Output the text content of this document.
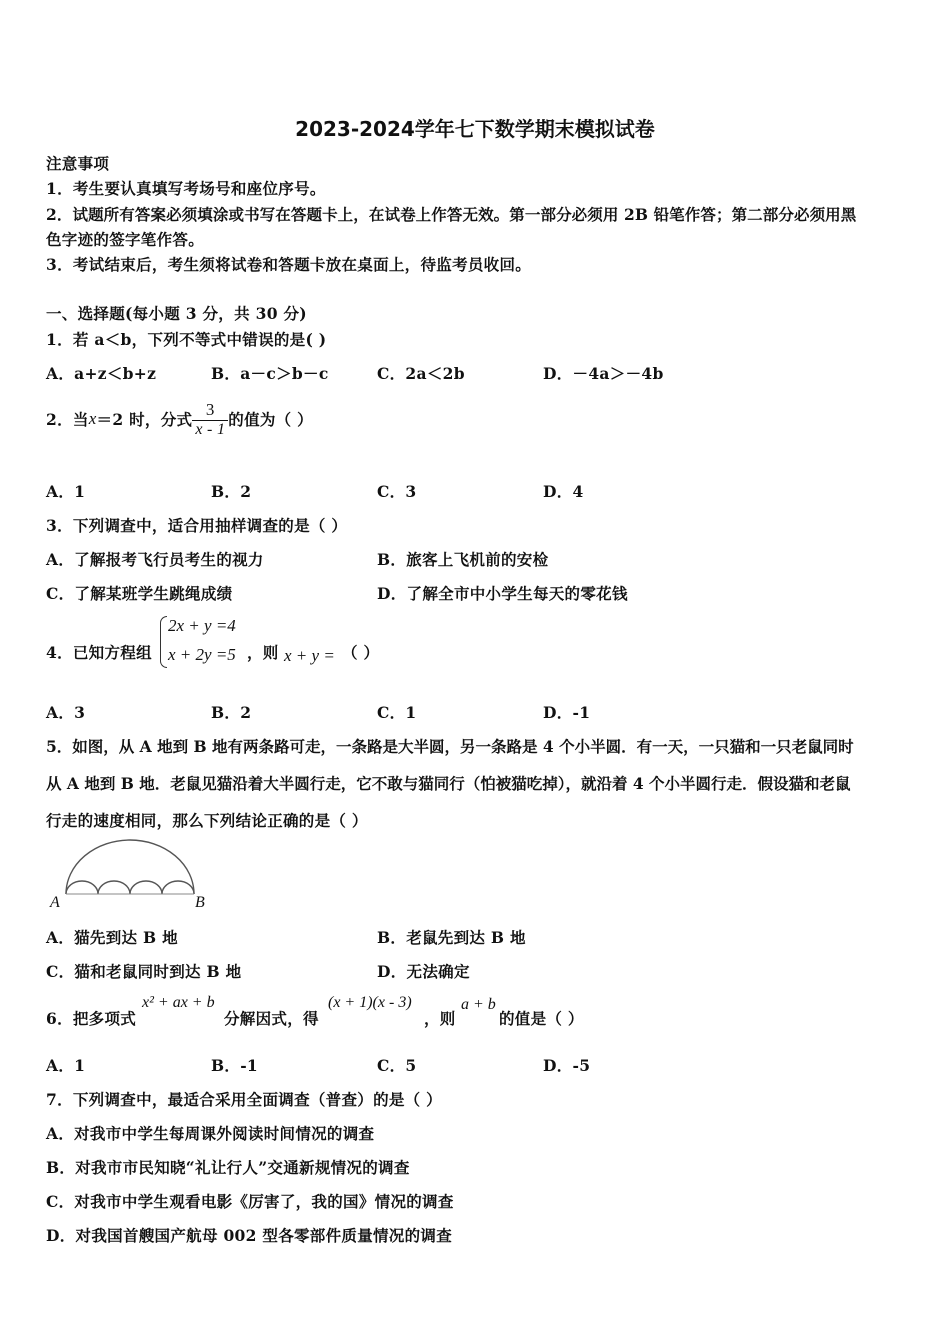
2023-2024学年七下数学期末模拟试卷
注意事项
1．考生要认真填写考场号和座位序号。
2．试题所有答案必须填涂或书写在答题卡上，在试卷上作答无效。第一部分必须用 2B 铅笔作答；第二部分必须用黑
色字迹的签字笔作答。
3．考试结束后，考生须将试卷和答题卡放在桌面上，待监考员收回。
一、选择题(每小题 3 分，共 30 分)
1．若 a＜b，下列不等式中错误的是( )
A．a+z＜b+z	B．a－c＞b－c	C．2a＜2b	D．－4a＞－4b
2．当 x ＝2 时，分式 $\frac{3}{x - 1}$ 的值为（ ）
A．1	B．2	C．3	D．4
3．下列调查中，适合用抽样调查的是（ ）
A．了解报考飞行员考生的视力	B．旅客上飞机前的安检
C．了解某班学生跳绳成绩	D．了解全市中小学生每天的零花钱
4．已知方程组
2x + y =4
x + 2y =5 ，则 x + y = （ ）
A．3	B．2	C．1	D．-1
5．如图，从 A 地到 B 地有两条路可走，一条路是大半圆，另一条路是 4 个小半圆．有一天，一只猫和一只老鼠同时
从 A 地到 B 地．老鼠见猫沿着大半圆行走，它不敢与猫同行（怕被猫吃掉），就沿着 4 个小半圆行走．假设猫和老鼠
行走的速度相同，那么下列结论正确的是（ ）
A	B
A．猫先到达 B 地	B．老鼠先到达 B 地
C．猫和老鼠同时到达 B 地	D．无法确定
6．把多项式
x² + ax + b
分解因式，得
(x + 1)(x - 3)
，则
a + b
的值是（ ）
A．1	B．-1	C．5	D．-5
7．下列调查中，最适合采用全面调查（普查）的是（ ）
A．对我市中学生每周课外阅读时间情况的调查
B．对我市市民知晓“礼让行人”交通新规情况的调查
C．对我市中学生观看电影《厉害了，我的国》情况的调查
D．对我国首艘国产航母 002 型各零部件质量情况的调查
